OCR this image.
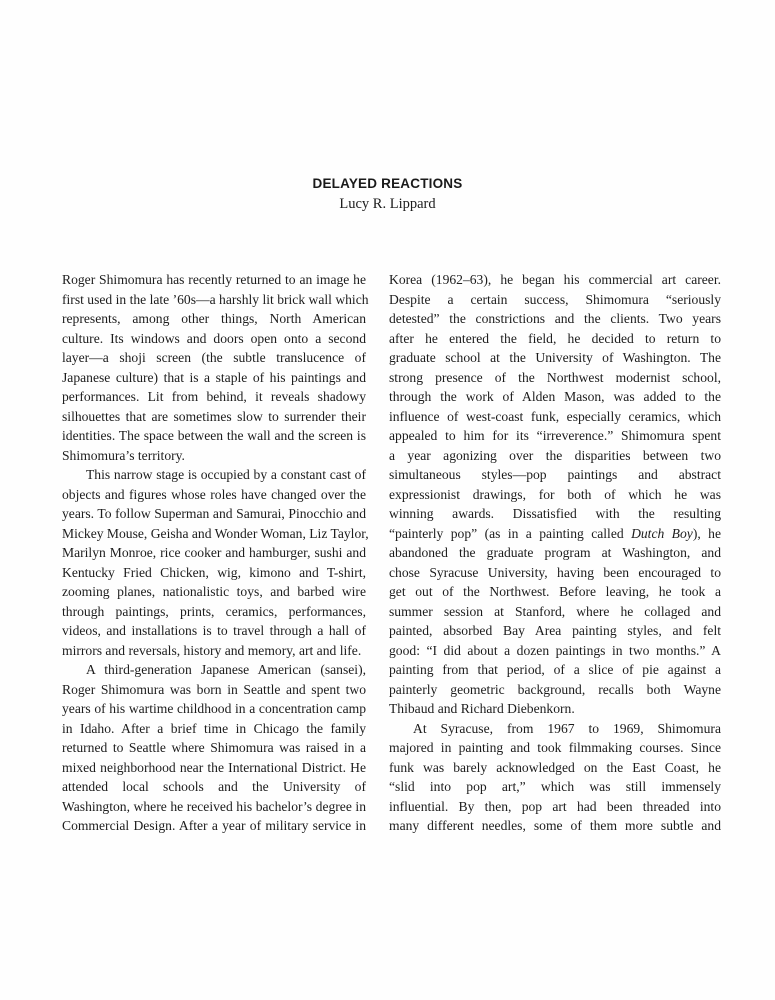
DELAYED REACTIONS
Lucy R. Lippard
Roger Shimomura has recently returned to an image he
first used in the late ’60s—a harshly lit brick wall which
represents, among other things, North American
culture. Its windows and doors open onto a second
layer—a shoji screen (the subtle translucence of
Japanese culture) that is a staple of his paintings and
performances. Lit from behind, it reveals shadowy
silhouettes that are sometimes slow to surrender their
identities. The space between the wall and the screen is
Shimomura’s territory.
This narrow stage is occupied by a constant cast of
objects and figures whose roles have changed over the
years. To follow Superman and Samurai, Pinocchio and
Mickey Mouse, Geisha and Wonder Woman, Liz Taylor,
Marilyn Monroe, rice cooker and hamburger, sushi and
Kentucky Fried Chicken, wig, kimono and T-shirt,
zooming planes, nationalistic toys, and barbed wire
through paintings, prints, ceramics, performances,
videos, and installations is to travel through a hall of
mirrors and reversals, history and memory, art and life.
A third-generation Japanese American (sansei),
Roger Shimomura was born in Seattle and spent two
years of his wartime childhood in a concentration camp
in Idaho. After a brief time in Chicago the family
returned to Seattle where Shimomura was raised in a
mixed neighborhood near the International District. He
attended local schools and the University of
Washington, where he received his bachelor’s degree in
Commercial Design. After a year of military service in
Korea (1962–63), he began his commercial art career.
Despite a certain success, Shimomura “seriously
detested” the constrictions and the clients. Two years
after he entered the field, he decided to return to
graduate school at the University of Washington. The
strong presence of the Northwest modernist school,
through the work of Alden Mason, was added to the
influence of west-coast funk, especially ceramics, which
appealed to him for its “irreverence.” Shimomura spent
a year agonizing over the disparities between two
simultaneous styles—pop paintings and abstract
expressionist drawings, for both of which he was
winning awards. Dissatisfied with the resulting
“painterly pop” (as in a painting called Dutch Boy), he
abandoned the graduate program at Washington, and
chose Syracuse University, having been encouraged to
get out of the Northwest. Before leaving, he took a
summer session at Stanford, where he collaged and
painted, absorbed Bay Area painting styles, and felt
good: “I did about a dozen paintings in two months.” A
painting from that period, of a slice of pie against a
painterly geometric background, recalls both Wayne
Thibaud and Richard Diebenkorn.
At Syracuse, from 1967 to 1969, Shimomura
majored in painting and took filmmaking courses. Since
funk was barely acknowledged on the East Coast, he
“slid into pop art,” which was still immensely
influential. By then, pop art had been threaded into
many different needles, some of them more subtle and
